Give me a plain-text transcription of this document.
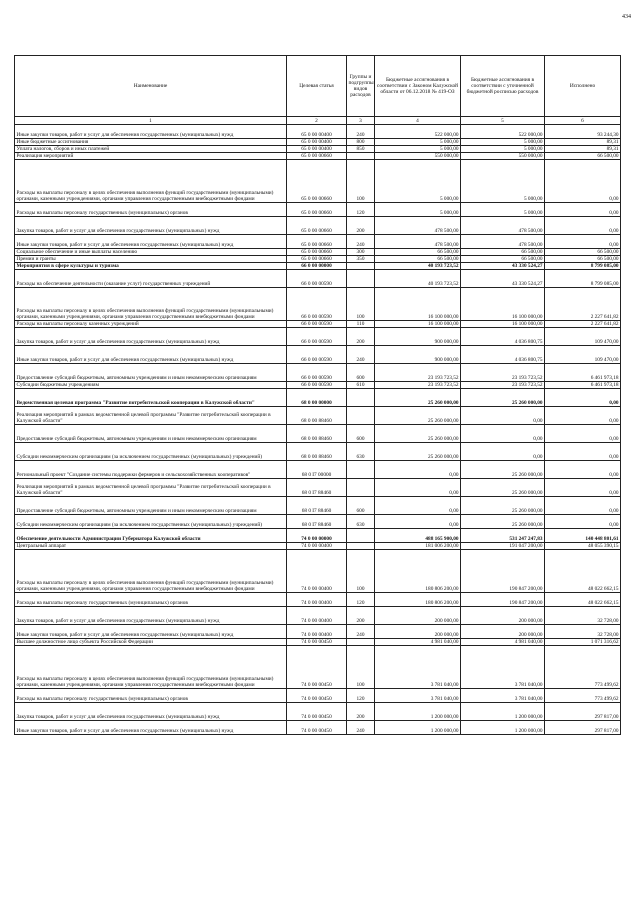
434
Наименование	Целевая статья	Группы и подгруппы видов расходов	Бюджетные ассигнования в соответствии с Законом Калужской области от 06.12.2018 № 419-ОЗ	Бюджетные ассигнования в соответствии с уточненной бюджетной росписью расходов	Исполнено
1	2	3	4	5	6
Иные закупки товаров, работ и услуг для обеспечения государственных (муниципальных) нужд	65 0 00 00400	240	522 000,00	522 000,00	93 244,30
Иные бюджетные ассигнования	65 0 00 00400	800	5 000,00	5 000,00	89,31
Уплата налогов, сборов и иных платежей	65 0 00 00400	850	5 000,00	5 000,00	89,31
Реализация мероприятий	65 0 00 00660		550 000,00	550 000,00	66 500,00
Расходы на выплаты персоналу в целях обеспечения выполнения функций государственными (муниципальными) органами, казенными учреждениями, органами управления государственными внебюджетными фондами	65 0 00 00660	100	5 000,00	5 000,00	0,00
Расходы на выплаты персоналу государственных (муниципальных) органов	65 0 00 00660	120	5 000,00	5 000,00	0,00
Закупка товаров, работ и услуг для обеспечения государственных (муниципальных) нужд	65 0 00 00660	200	478 500,00	478 500,00	0,00
Иные закупки товаров, работ и услуг для обеспечения государственных (муниципальных) нужд	65 0 00 00660	240	478 500,00	478 500,00	0,00
Социальное обеспечение и иные выплаты населению	65 0 00 00660	300	66 500,00	66 500,00	66 500,00
Премии и гранты	65 0 00 00660	350	66 500,00	66 500,00	66 500,00
Мероприятия в сфере культуры и туризма	66 0 00 00000		40 193 723,52	43 330 524,27	8 799 085,00
Расходы на обеспечение деятельности (оказание услуг) государственных учреждений	66 0 00 00590		40 193 723,52	43 330 524,27	8 799 085,00
Расходы на выплаты персоналу в целях обеспечения выполнения функций государственными (муниципальными) органами, казенными учреждениями, органами управления государственными внебюджетными фондами	66 0 00 00590	100	16 100 000,00	16 100 000,00	2 227 641,82
Расходы на выплаты персоналу казенных учреждений	66 0 00 00590	110	16 100 000,00	16 100 000,00	2 227 641,82
Закупка товаров, работ и услуг для обеспечения государственных (муниципальных) нужд	66 0 00 00590	200	900 000,00	4 036 800,75	109 470,00
Иные закупки товаров, работ и услуг для обеспечения государственных (муниципальных) нужд	66 0 00 00590	240	900 000,00	4 036 800,75	109 470,00
Предоставление субсидий бюджетным, автономным учреждениям и иным некоммерческим организациям	66 0 00 00590	600	23 193 723,52	23 193 723,52	6 461 973,18
Субсидии бюджетным учреждениям	66 0 00 00590	610	23 193 723,52	23 193 723,52	6 461 973,18
Ведомственная целевая программа "Развитие потребительской кооперации в Калужской области"	68 0 00 00000		25 260 000,00	25 260 000,00	0,00
Реализация мероприятий в рамках ведомственной целевой программы "Развитие потребительской кооперации в Калужской области"	68 0 00 88460		25 260 000,00	0,00	0,00
Предоставление субсидий бюджетным, автономным учреждениям и иным некоммерческим организациям	68 0 00 88460	600	25 260 000,00	0,00	0,00
Субсидии некоммерческим организациям (за исключением государственных (муниципальных) учреждений)	68 0 00 88460	630	25 260 000,00	0,00	0,00
Региональный проект "Создание системы поддержки фермеров и сельскохозяйственных кооперативов"	68 0 I7 00000		0,00	25 260 000,00	0,00
Реализация мероприятий в рамках ведомственной целевой программы "Развитие потребительской кооперации в Калужской области"	68 0 I7 88460		0,00	25 260 000,00	0,00
Предоставление субсидий бюджетным, автономным учреждениям и иным некоммерческим организациям	68 0 I7 88460	600	0,00	25 260 000,00	0,00
Субсидии некоммерческим организациям (за исключением государственных (муниципальных) учреждений)	68 0 I7 88460	630	0,00	25 260 000,00	0,00
Обеспечение деятельности Администрации Губернатора Калужской области	74 0 00 00000		488 165 900,00	531 247 247,83	140 448 801,61
Центральный аппарат	74 0 00 00400		181 006 200,00	191 047 200,00	48 055 390,15
Расходы на выплаты персоналу в целях обеспечения выполнения функций государственными (муниципальными) органами, казенными учреждениями, органами управления государственными внебюджетными фондами	74 0 00 00400	100	180 806 200,00	190 847 200,00	48 022 662,15
Расходы на выплаты персоналу государственных (муниципальных) органов	74 0 00 00400	120	180 806 200,00	190 847 200,00	48 022 662,15
Закупка товаров, работ и услуг для обеспечения государственных (муниципальных) нужд	74 0 00 00400	200	200 000,00	200 000,00	32 728,00
Иные закупки товаров, работ и услуг для обеспечения государственных (муниципальных) нужд	74 0 00 00400	240	200 000,00	200 000,00	32 728,00
Высшее должностное лицо субъекта Российской Федерации	74 0 00 00450		4 981 040,00	4 981 040,00	1 071 316,62
Расходы на выплаты персоналу в целях обеспечения выполнения функций государственными (муниципальными) органами, казенными учреждениями, органами управления государственными внебюджетными фондами	74 0 00 00450	100	3 781 040,00	3 781 040,00	773 499,62
Расходы на выплаты персоналу государственных (муниципальных) органов	74 0 00 00450	120	3 781 040,00	3 781 040,00	773 499,62
Закупка товаров, работ и услуг для обеспечения государственных (муниципальных) нужд	74 0 00 00450	200	1 200 000,00	1 200 000,00	297 817,00
Иные закупки товаров, работ и услуг для обеспечения государственных (муниципальных) нужд	74 0 00 00450	240	1 200 000,00	1 200 000,00	297 817,00
